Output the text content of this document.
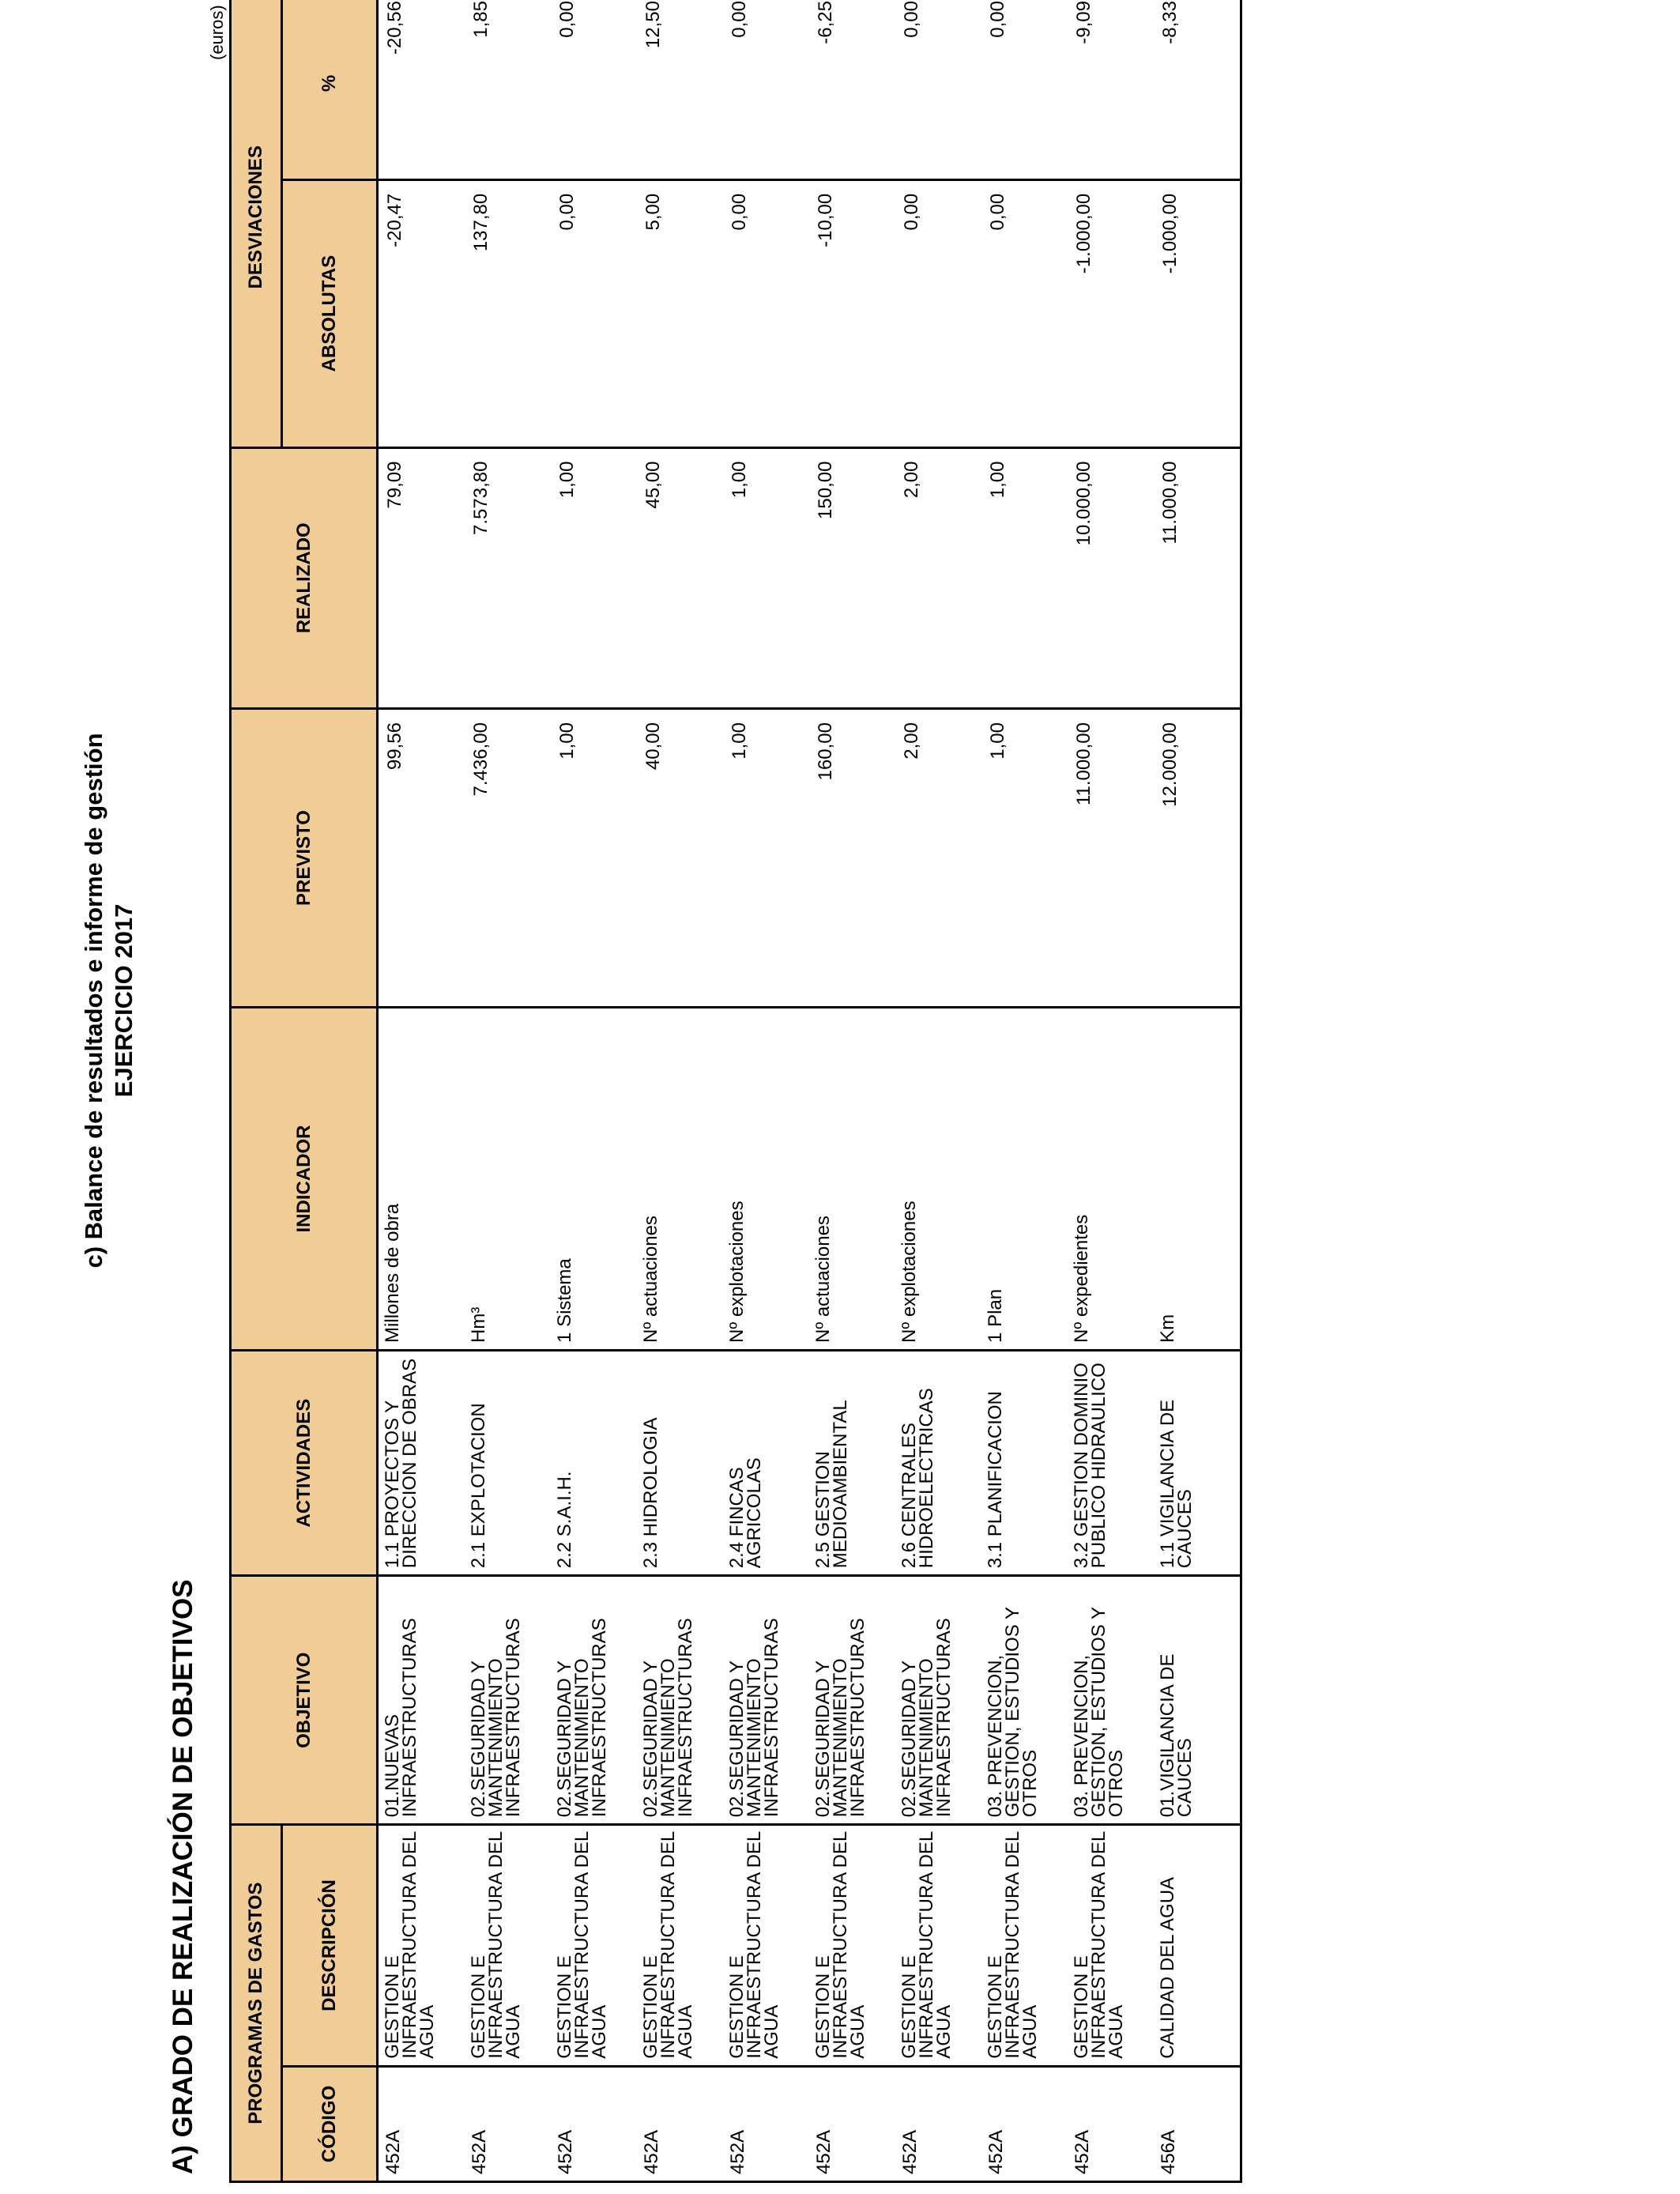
c) Balance de resultados e informe de gestión EJERCICIO 2017
A) GRADO DE REALIZACIÓN DE OBJETIVOS
(euros)
PROGRAMAS DE GASTOS		OBJETIVO	ACTIVIDADES	INDICADOR	PREVISTO	REALIZADO	DESVIACIONES	
CÓDIGO	DESCRIPCIÓN						ABSOLUTAS	%
452A	GESTION E INFRAESTRUCTURA DEL AGUA	01.NUEVAS INFRAESTRUCTURAS	1.1 PROYECTOS Y DIRECCION DE OBRAS	Millones de obra	99,56	79,09	-20,47	-20,56
452A	GESTION E INFRAESTRUCTURA DEL AGUA	02.SEGURIDAD Y MANTENIMIENTO INFRAESTRUCTURAS	2.1 EXPLOTACION	Hm³	7.436,00	7.573,80	137,80	1,85
452A	GESTION E INFRAESTRUCTURA DEL AGUA	02.SEGURIDAD Y MANTENIMIENTO INFRAESTRUCTURAS	2.2 S.A.I.H.	1 Sistema	1,00	1,00	0,00	0,00
452A	GESTION E INFRAESTRUCTURA DEL AGUA	02.SEGURIDAD Y MANTENIMIENTO INFRAESTRUCTURAS	2.3 HIDROLOGIA	Nº actuaciones	40,00	45,00	5,00	12,50
452A	GESTION E INFRAESTRUCTURA DEL AGUA	02.SEGURIDAD Y MANTENIMIENTO INFRAESTRUCTURAS	2.4 FINCAS AGRICOLAS	Nº explotaciones	1,00	1,00	0,00	0,00
452A	GESTION E INFRAESTRUCTURA DEL AGUA	02.SEGURIDAD Y MANTENIMIENTO INFRAESTRUCTURAS	2.5 GESTION MEDIOAMBIENTAL	Nº actuaciones	160,00	150,00	-10,00	-6,25
452A	GESTION E INFRAESTRUCTURA DEL AGUA	02.SEGURIDAD Y MANTENIMIENTO INFRAESTRUCTURAS	2.6 CENTRALES HIDROELECTRICAS	Nº explotaciones	2,00	2,00	0,00	0,00
452A	GESTION E INFRAESTRUCTURA DEL AGUA	03. PREVENCION, GESTION, ESTUDIOS Y OTROS	3.1 PLANIFICACION	1 Plan	1,00	1,00	0,00	0,00
452A	GESTION E INFRAESTRUCTURA DEL AGUA	03. PREVENCION, GESTION, ESTUDIOS Y OTROS	3.2 GESTION DOMINIO PUBLICO HIDRAULICO	Nº expedientes	11.000,00	10.000,00	-1.000,00	-9,09
456A	CALIDAD DEL AGUA	01.VIGILANCIA DE CAUCES	1.1 VIGILANCIA DE CAUCES	Km	12.000,00	11.000,00	-1.000,00	-8,33
